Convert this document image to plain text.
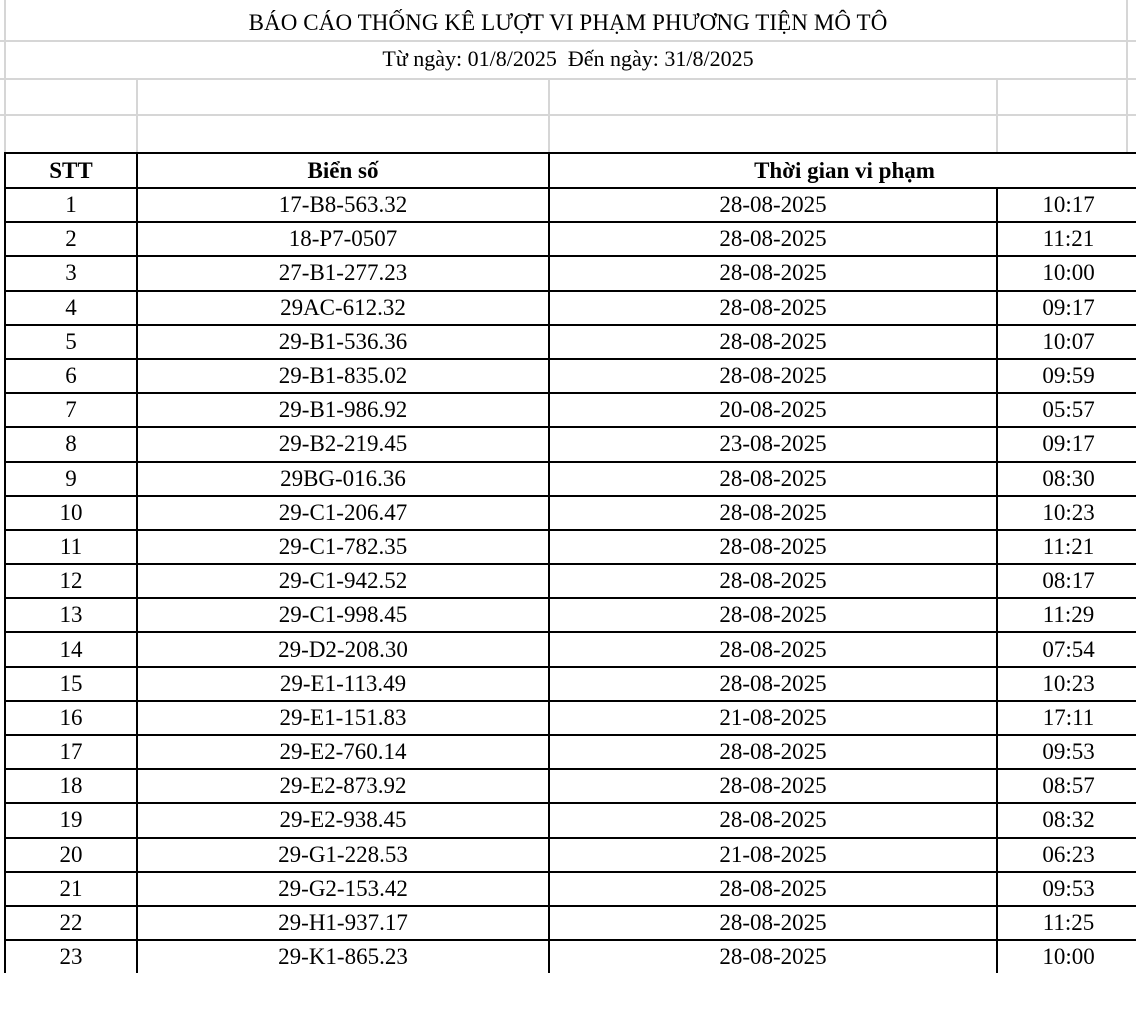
BÁO CÁO THỐNG KÊ LƯỢT VI PHẠM PHƯƠNG TIỆN MÔ TÔ
Từ ngày: 01/8/2025  Đến ngày: 31/8/2025
STT	Biển số	Thời gian vi phạm	
1	17-B8-563.32	28-08-2025	10:17
2	18-P7-0507	28-08-2025	11:21
3	27-B1-277.23	28-08-2025	10:00
4	29AC-612.32	28-08-2025	09:17
5	29-B1-536.36	28-08-2025	10:07
6	29-B1-835.02	28-08-2025	09:59
7	29-B1-986.92	20-08-2025	05:57
8	29-B2-219.45	23-08-2025	09:17
9	29BG-016.36	28-08-2025	08:30
10	29-C1-206.47	28-08-2025	10:23
11	29-C1-782.35	28-08-2025	11:21
12	29-C1-942.52	28-08-2025	08:17
13	29-C1-998.45	28-08-2025	11:29
14	29-D2-208.30	28-08-2025	07:54
15	29-E1-113.49	28-08-2025	10:23
16	29-E1-151.83	21-08-2025	17:11
17	29-E2-760.14	28-08-2025	09:53
18	29-E2-873.92	28-08-2025	08:57
19	29-E2-938.45	28-08-2025	08:32
20	29-G1-228.53	21-08-2025	06:23
21	29-G2-153.42	28-08-2025	09:53
22	29-H1-937.17	28-08-2025	11:25
23	29-K1-865.23	28-08-2025	10:00
